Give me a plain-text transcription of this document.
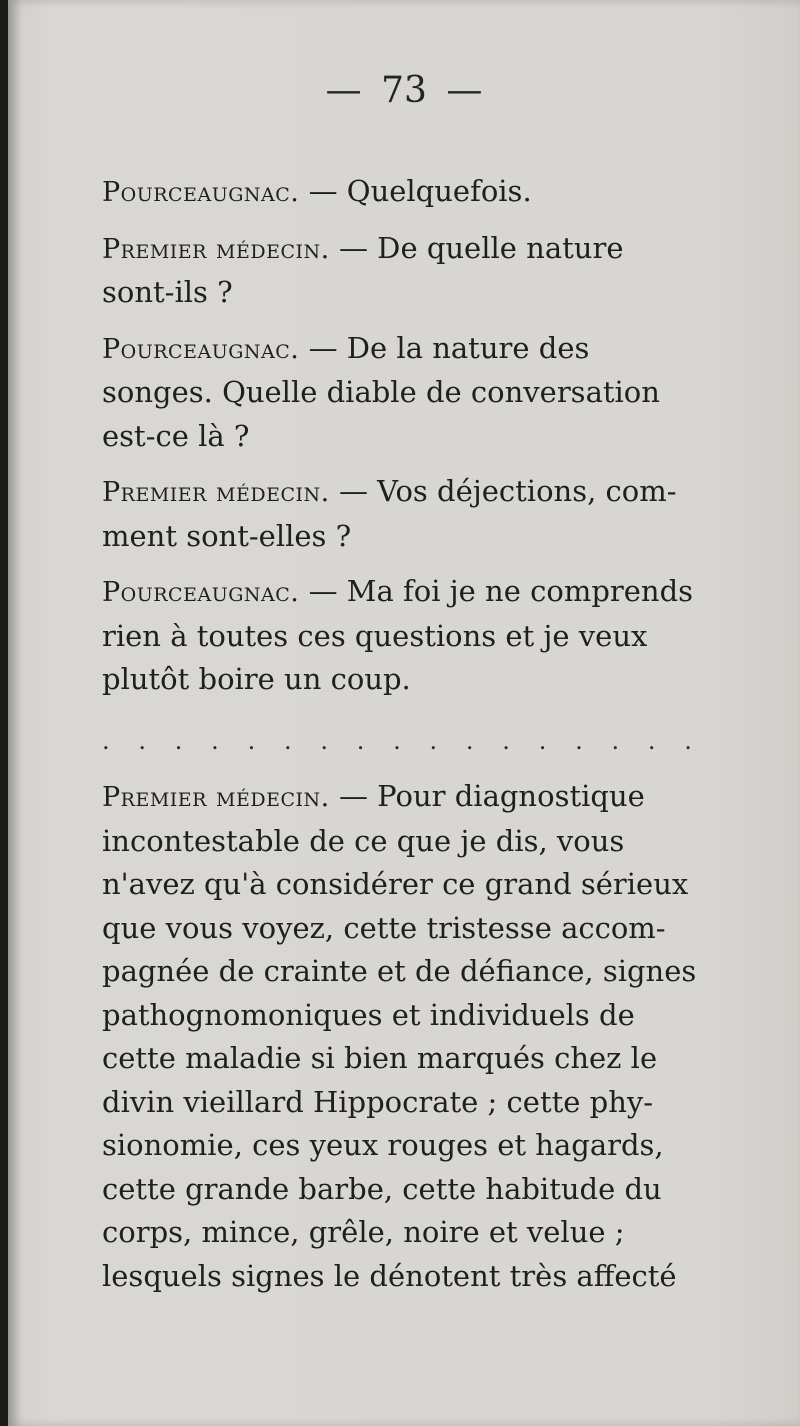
— 73 —

Pourceaugnac. — Quelquefois.

Premier médecin. — De quelle nature
sont-ils ?

Pourceaugnac. — De la nature des
songes. Quelle diable de conversation
est-ce là ?

Premier médecin. — Vos déjections, com-
ment sont-elles ?

Pourceaugnac. — Ma foi je ne comprends
rien à toutes ces questions et je veux
plutôt boire un coup.

. . . . . . . . . . . . . . . . .

Premier médecin. — Pour diagnostique
incontestable de ce que je dis, vous
n'avez qu'à considérer ce grand sérieux
que vous voyez, cette tristesse accom-
pagnée de crainte et de défiance, signes
pathognomoniques et individuels de
cette maladie si bien marqués chez le
divin vieillard Hippocrate ; cette phy-
sionomie, ces yeux rouges et hagards,
cette grande barbe, cette habitude du
corps, mince, grêle, noire et velue ;
lesquels signes le dénotent très affecté
